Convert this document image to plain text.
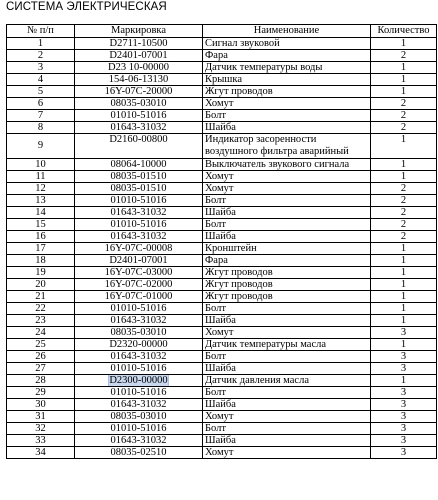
СИСТЕМА ЭЛЕКТРИЧЕСКАЯ
№ п/п	Маркировка	Наименование	Количество
1	D2711-10500	Сигнал звуковой	1
2	D2401-07001	Фара	2
3	D23 10-00000	Датчик температуры воды	1
4	154-06-13130	Крышка	1
5	16Y-07С-20000	Жгут проводов	1
6	08035-03010	Хомут	2
7	01010-51016	Болт	2
8	01643-31032	Шайба	2
9	D2160-00800	Индикатор засоренности воздушного фильтра аварийный	1
10	08064-10000	Выключатель звукового сигнала	1
11	08035-01510	Хомут	1
12	08035-01510	Хомут	2
13	01010-51016	Болт	2
14	01643-31032	Шайба	2
15	01010-51016	Болт	2
16	01643-31032	Шайба	2
17	16Y-07С-00008	Кронштейн	1
18	D2401-07001	Фара	1
19	16Y-07С-03000	Жгут проводов	1
20	16Y-07С-02000	Жгут проводов	1
21	16Y-07С-01000	Жгут проводов	1
22	01010-51016	Болт	1
23	01643-31032	Шайба	1
24	08035-03010	Хомут	3
25	D2320-00000	Датчик температуры масла	1
26	01643-31032	Болт	3
27	01010-51016	Шайба	3
28	D2300-00000	Датчик давления масла	1
29	01010-51016	Болт	3
30	01643-31032	Шайба	3
31	08035-03010	Хомут	3
32	01010-51016	Болт	3
33	01643-31032	Шайба	3
34	08035-02510	Хомут	3
